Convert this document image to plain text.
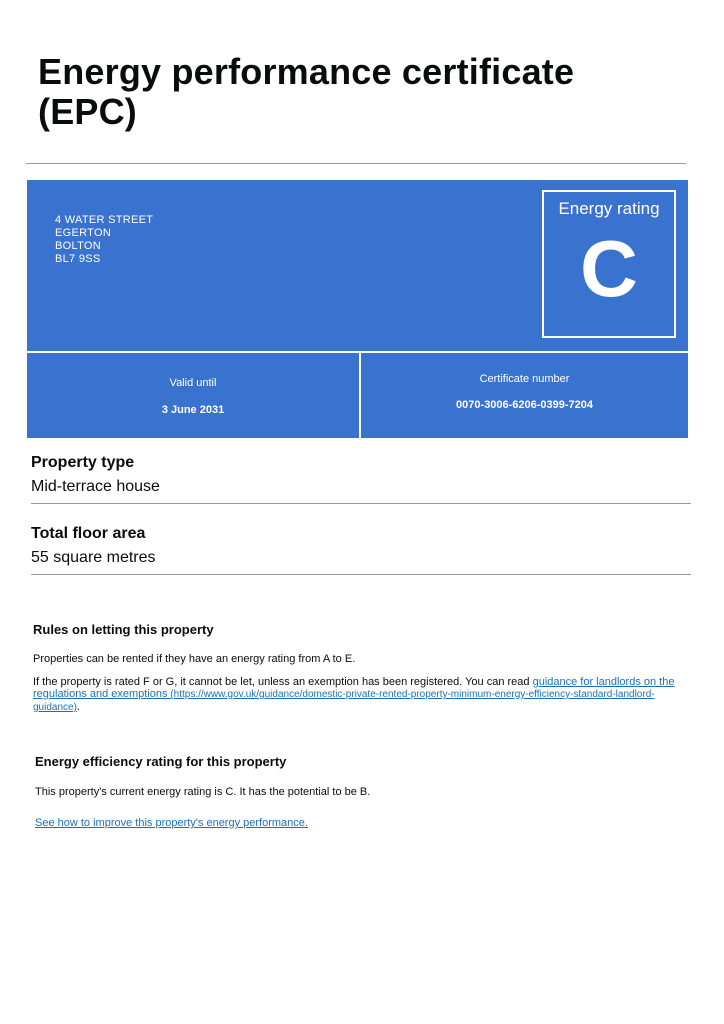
Energy performance certificate (EPC)
4 WATER STREET
EGERTON
BOLTON
BL7 9SS
Energy rating
C
Valid until
3 June 2031
Certificate number
0070-3006-6206-0399-7204
Property type
Mid-terrace house
Total floor area
55 square metres
Rules on letting this property
Properties can be rented if they have an energy rating from A to E.
If the property is rated F or G, it cannot be let, unless an exemption has been registered. You can read guidance for landlords on the regulations and exemptions (https://www.gov.uk/guidance/domestic-private-rented-property-minimum-energy-efficiency-standard-landlord-guidance).
Energy efficiency rating for this property
This property's current energy rating is C. It has the potential to be B.
See how to improve this property's energy performance.
